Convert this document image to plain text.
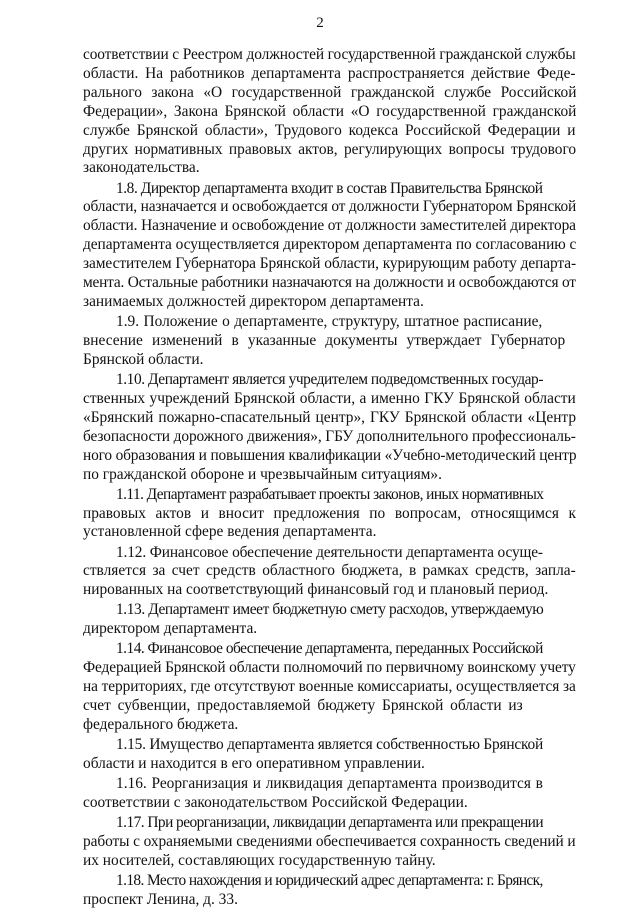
2
соответствии с Реестром должностей государственной гражданской службы
области. На работников департамента распространяется действие Феде-
рального закона «О государственной гражданской службе Российской
Федерации», Закона Брянской области «О государственной гражданской
службе Брянской области», Трудового кодекса Российской Федерации и
других нормативных правовых актов, регулирующих вопросы трудового
законодательства.
1.8. Директор департамента входит в состав Правительства Брянской
области, назначается и освобождается от должности Губернатором Брянской
области. Назначение и освобождение от должности заместителей директора
департамента осуществляется директором департамента по согласованию с
заместителем Губернатора Брянской области, курирующим работу департа-
мента. Остальные работники назначаются на должности и освобождаются от
занимаемых должностей директором департамента.
1.9. Положение о департаменте, структуру, штатное расписание,
внесение изменений в указанные документы утверждает Губернатор
Брянской области.
1.10. Департамент является учредителем подведомственных государ-
ственных учреждений Брянской области, а именно ГКУ Брянской области
«Брянский пожарно-спасательный центр», ГКУ Брянской области «Центр
безопасности дорожного движения», ГБУ дополнительного профессиональ-
ного образования и повышения квалификации «Учебно-методический центр
по гражданской обороне и чрезвычайным ситуациям».
1.11. Департамент разрабатывает проекты законов, иных нормативных
правовых актов и вносит предложения по вопросам, относящимся к
установленной сфере ведения департамента.
1.12. Финансовое обеспечение деятельности департамента осуще-
ствляется за счет средств областного бюджета, в рамках средств, запла-
нированных на соответствующий финансовый год и плановый период.
1.13. Департамент имеет бюджетную смету расходов, утверждаемую
директором департамента.
1.14. Финансовое обеспечение департамента, переданных Российской
Федерацией Брянской области полномочий по первичному воинскому учету
на территориях, где отсутствуют военные комиссариаты, осуществляется за
счет субвенции, предоставляемой бюджету Брянской области из
федерального бюджета.
1.15. Имущество департамента является собственностью Брянской
области и находится в его оперативном управлении.
1.16. Реорганизация и ликвидация департамента производится в
соответствии с законодательством Российской Федерации.
1.17. При реорганизации, ликвидации департамента или прекращении
работы с охраняемыми сведениями обеспечивается сохранность сведений и
их носителей, составляющих государственную тайну.
1.18. Место нахождения и юридический адрес департамента: г. Брянск,
проспект Ленина, д. 33.
